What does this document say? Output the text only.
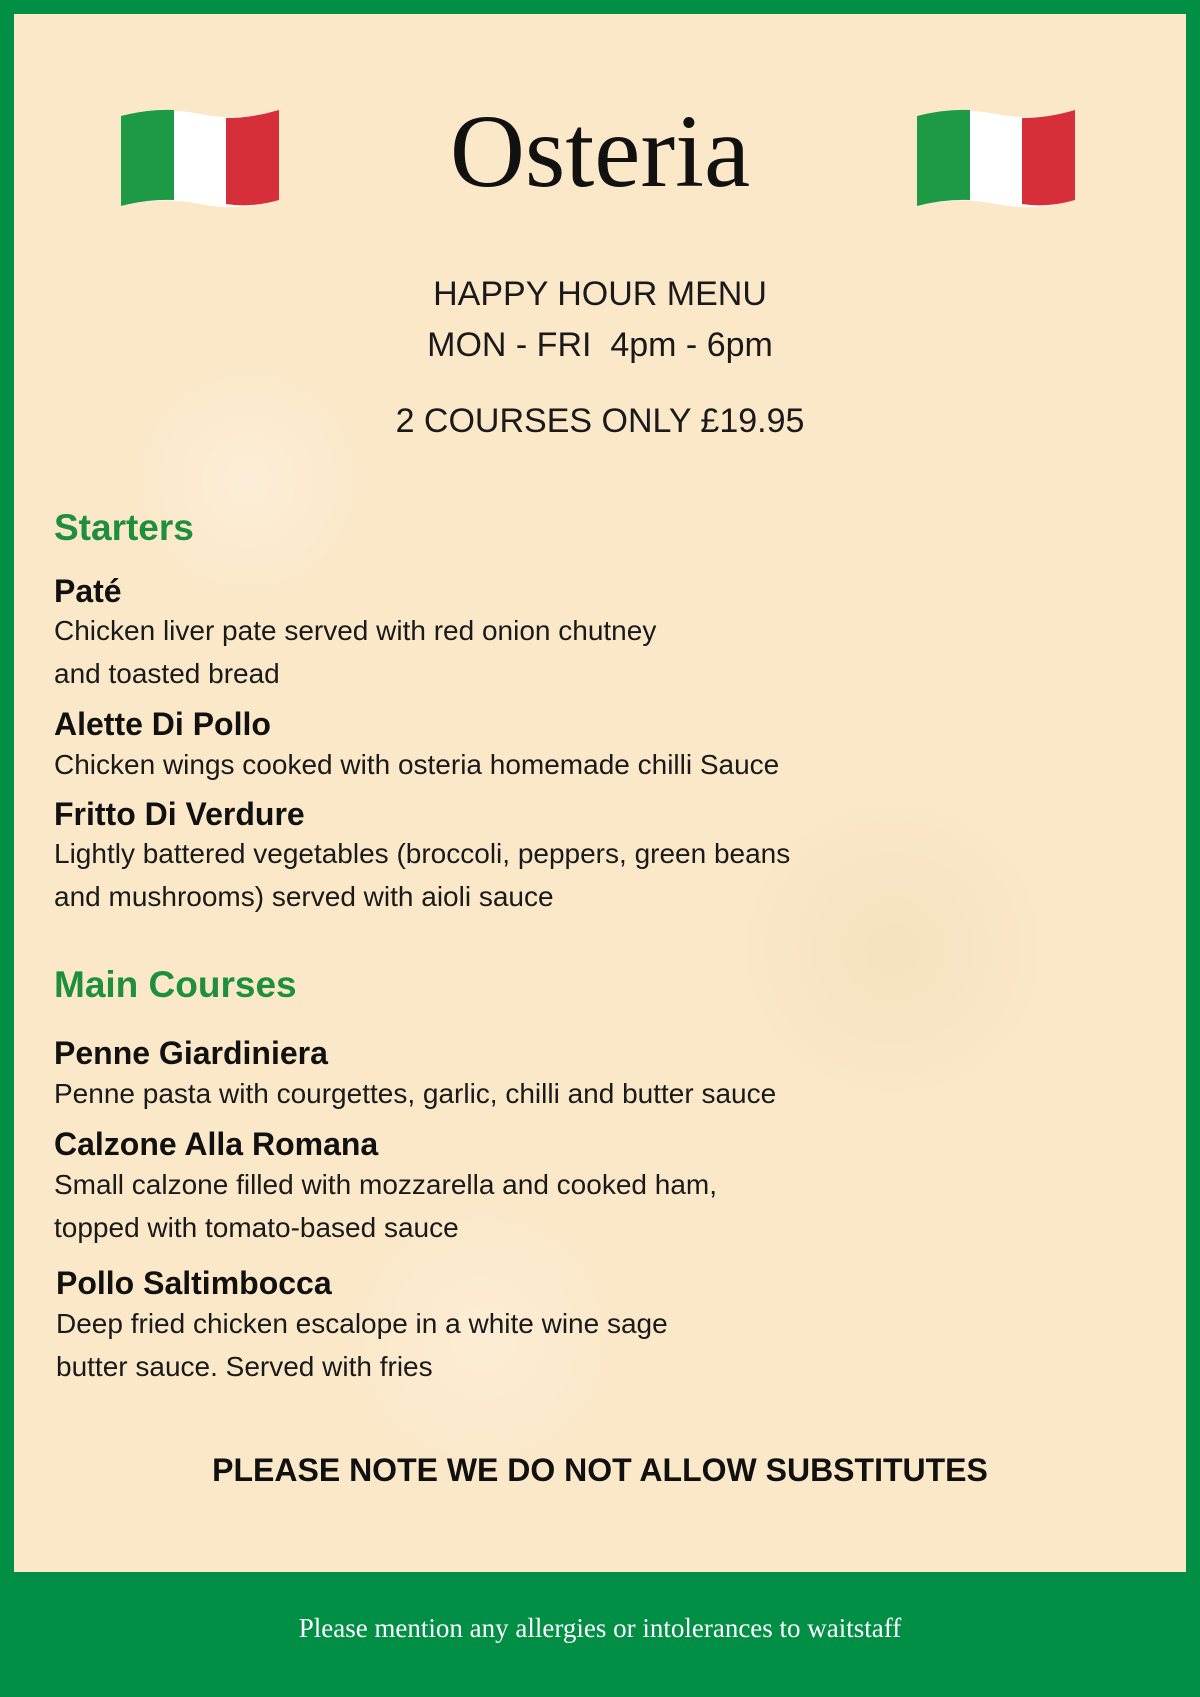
Osteria
HAPPY HOUR MENU
MON - FRI  4pm - 6pm
2 COURSES ONLY £19.95
Starters
Paté
Chicken liver pate served with red onion chutney
and toasted bread
Alette Di Pollo
Chicken wings cooked with osteria homemade chilli Sauce
Fritto Di Verdure
Lightly battered vegetables (broccoli, peppers, green beans
and mushrooms) served with aioli sauce
Main Courses
Penne Giardiniera
Penne pasta with courgettes, garlic, chilli and butter sauce
Calzone Alla Romana
Small calzone filled with mozzarella and cooked ham,
topped with tomato-based sauce
Pollo Saltimbocca
Deep fried chicken escalope in a white wine sage
butter sauce. Served with fries
PLEASE NOTE WE DO NOT ALLOW SUBSTITUTES
Please mention any allergies or intolerances to waitstaff
